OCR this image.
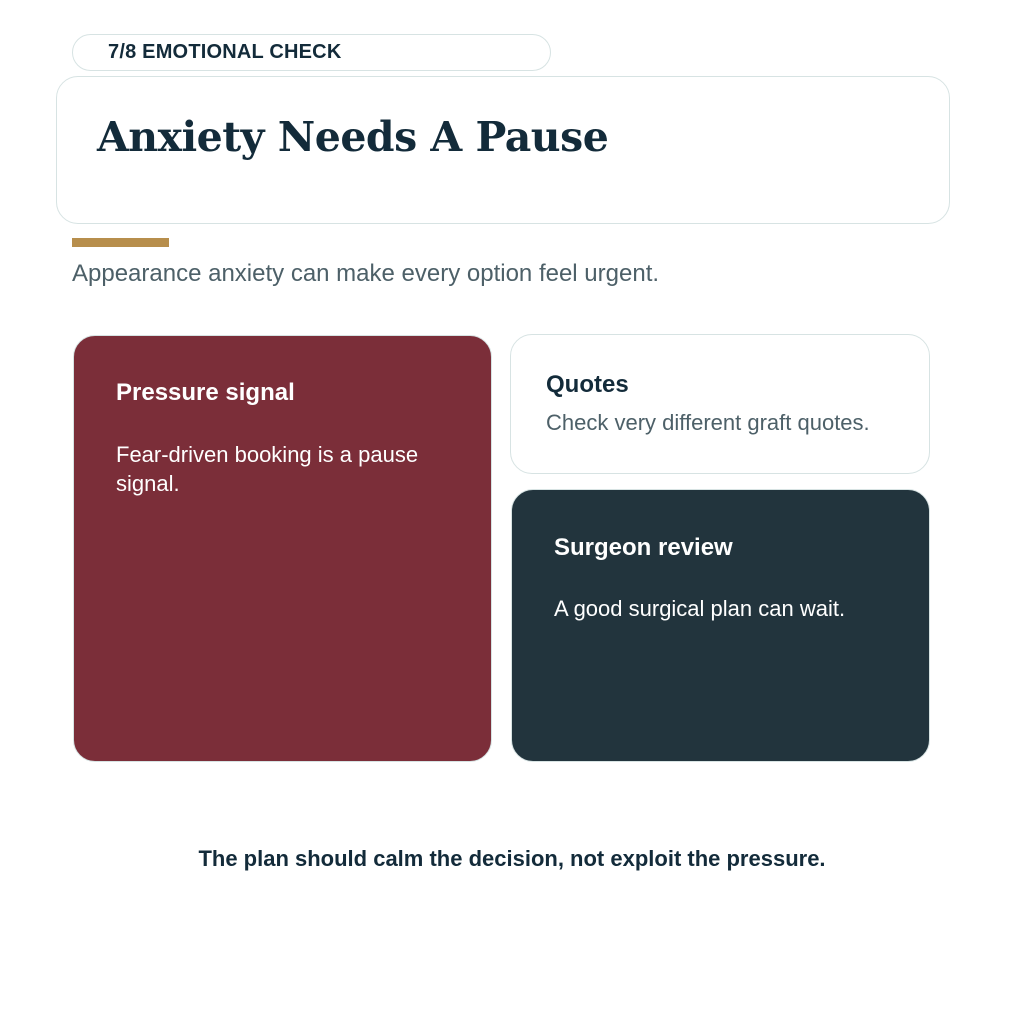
7/8 EMOTIONAL CHECK
Anxiety Needs A Pause
Appearance anxiety can make every option feel urgent.
Pressure signal
Fear-driven booking is a pause signal.
Quotes
Check very different graft quotes.
Surgeon review
A good surgical plan can wait.
The plan should calm the decision, not exploit the pressure.
